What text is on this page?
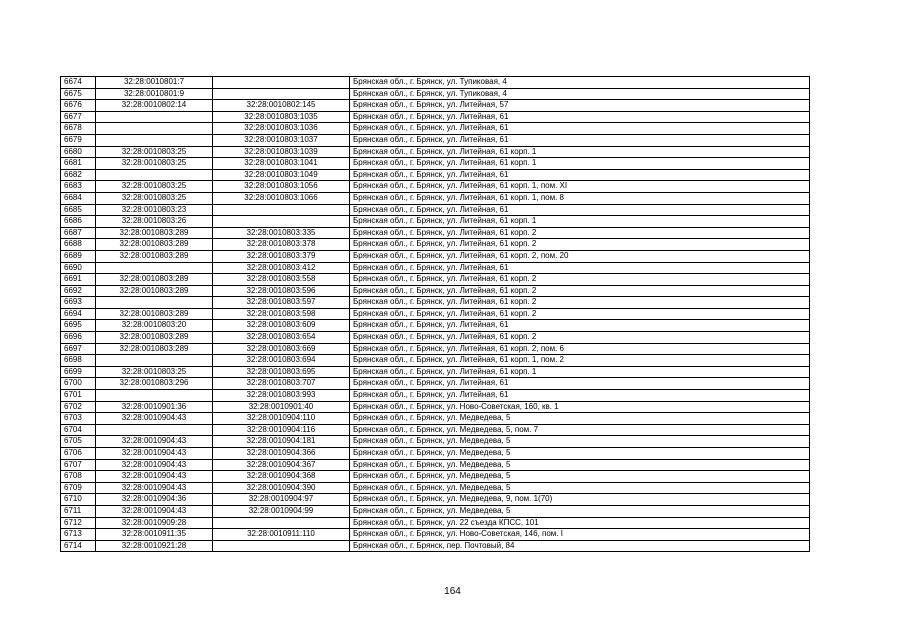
6674	32:28:0010801:7		Брянская обл., г. Брянск, ул. Тупиковая, 4
6675	32:28:0010801:9		Брянская обл., г. Брянск, ул. Тупиковая, 4
6676	32:28:0010802:14	32:28:0010802:145	Брянская обл., г. Брянск, ул. Литейная, 57
6677		32:28:0010803:1035	Брянская обл., г. Брянск, ул. Литейная, 61
6678		32:28:0010803:1036	Брянская обл., г. Брянск, ул. Литейная, 61
6679		32:28:0010803:1037	Брянская обл., г. Брянск, ул. Литейная, 61
6680	32:28:0010803:25	32:28:0010803:1039	Брянская обл., г. Брянск, ул. Литейная, 61 корп. 1
6681	32:28:0010803:25	32:28:0010803:1041	Брянская обл., г. Брянск, ул. Литейная, 61 корп. 1
6682		32:28:0010803:1049	Брянская обл., г. Брянск, ул. Литейная, 61
6683	32:28:0010803:25	32:28:0010803:1056	Брянская обл., г. Брянск, ул. Литейная, 61 корп. 1, пом. XI
6684	32:28:0010803:25	32:28:0010803:1066	Брянская обл., г. Брянск, ул. Литейная, 61 корп. 1, пом. 8
6685	32:28:0010803:23		Брянская обл., г. Брянск, ул. Литейная, 61
6686	32:28:0010803:26		Брянская обл., г. Брянск, ул. Литейная, 61 корп. 1
6687	32:28:0010803:289	32:28:0010803:335	Брянская обл., г. Брянск, ул. Литейная, 61 корп. 2
6688	32:28:0010803:289	32:28:0010803:378	Брянская обл., г. Брянск, ул. Литейная, 61 корп. 2
6689	32:28:0010803:289	32:28:0010803:379	Брянская обл., г. Брянск, ул. Литейная, 61 корп. 2, пом. 20
6690		32:28:0010803:412	Брянская обл., г. Брянск, ул. Литейная, 61
6691	32:28:0010803:289	32:28:0010803:558	Брянская обл., г. Брянск, ул. Литейная, 61 корп. 2
6692	32:28:0010803:289	32:28:0010803:596	Брянская обл., г. Брянск, ул. Литейная, 61 корп. 2
6693		32:28:0010803:597	Брянская обл., г. Брянск, ул. Литейная, 61 корп. 2
6694	32:28:0010803:289	32:28:0010803:598	Брянская обл., г. Брянск, ул. Литейная, 61 корп. 2
6695	32:28:0010803:20	32:28:0010803:609	Брянская обл., г. Брянск, ул. Литейная, 61
6696	32:28:0010803:289	32:28:0010803:654	Брянская обл., г. Брянск, ул. Литейная, 61 корп. 2
6697	32:28:0010803:289	32:28:0010803:669	Брянская обл., г. Брянск, ул. Литейная, 61 корп. 2, пом. 6
6698		32:28:0010803:694	Брянская обл., г. Брянск, ул. Литейная, 61 корп. 1, пом. 2
6699	32:28:0010803:25	32:28:0010803:695	Брянская обл., г. Брянск, ул. Литейная, 61 корп. 1
6700	32:28:0010803:296	32:28:0010803:707	Брянская обл., г. Брянск, ул. Литейная, 61
6701		32:28:0010803:993	Брянская обл., г. Брянск, ул. Литейная, 61
6702	32:28:0010901:36	32:28:0010901:40	Брянская обл., г. Брянск, ул. Ново-Советская, 160, кв. 1
6703	32:28:0010904:43	32:28:0010904:110	Брянская обл., г. Брянск, ул. Медведева, 5
6704		32:28:0010904:116	Брянская обл., г. Брянск, ул. Медведева, 5, пом. 7
6705	32:28:0010904:43	32:28:0010904:181	Брянская обл., г. Брянск, ул. Медведева, 5
6706	32:28:0010904:43	32:28:0010904:366	Брянская обл., г. Брянск, ул. Медведева, 5
6707	32:28:0010904:43	32:28:0010904:367	Брянская обл., г. Брянск, ул. Медведева, 5
6708	32:28:0010904:43	32:28:0010904:368	Брянская обл., г. Брянск, ул. Медведева, 5
6709	32:28:0010904:43	32:28:0010904:390	Брянская обл., г. Брянск, ул. Медведева, 5
6710	32:28:0010904:36	32:28:0010904:97	Брянская обл., г. Брянск, ул. Медведева, 9, пом. 1(70)
6711	32:28:0010904:43	32:28:0010904:99	Брянская обл., г. Брянск, ул. Медведева, 5
6712	32:28:0010909:28		Брянская обл., г. Брянск, ул. 22 съезда КПСС, 101
6713	32:28:0010911:35	32:28:0010911:110	Брянская обл., г. Брянск, ул. Ново-Советская, 146, пом. I
6714	32:28:0010921:28		Брянская обл., г. Брянск, пер. Почтовый, 84
164
